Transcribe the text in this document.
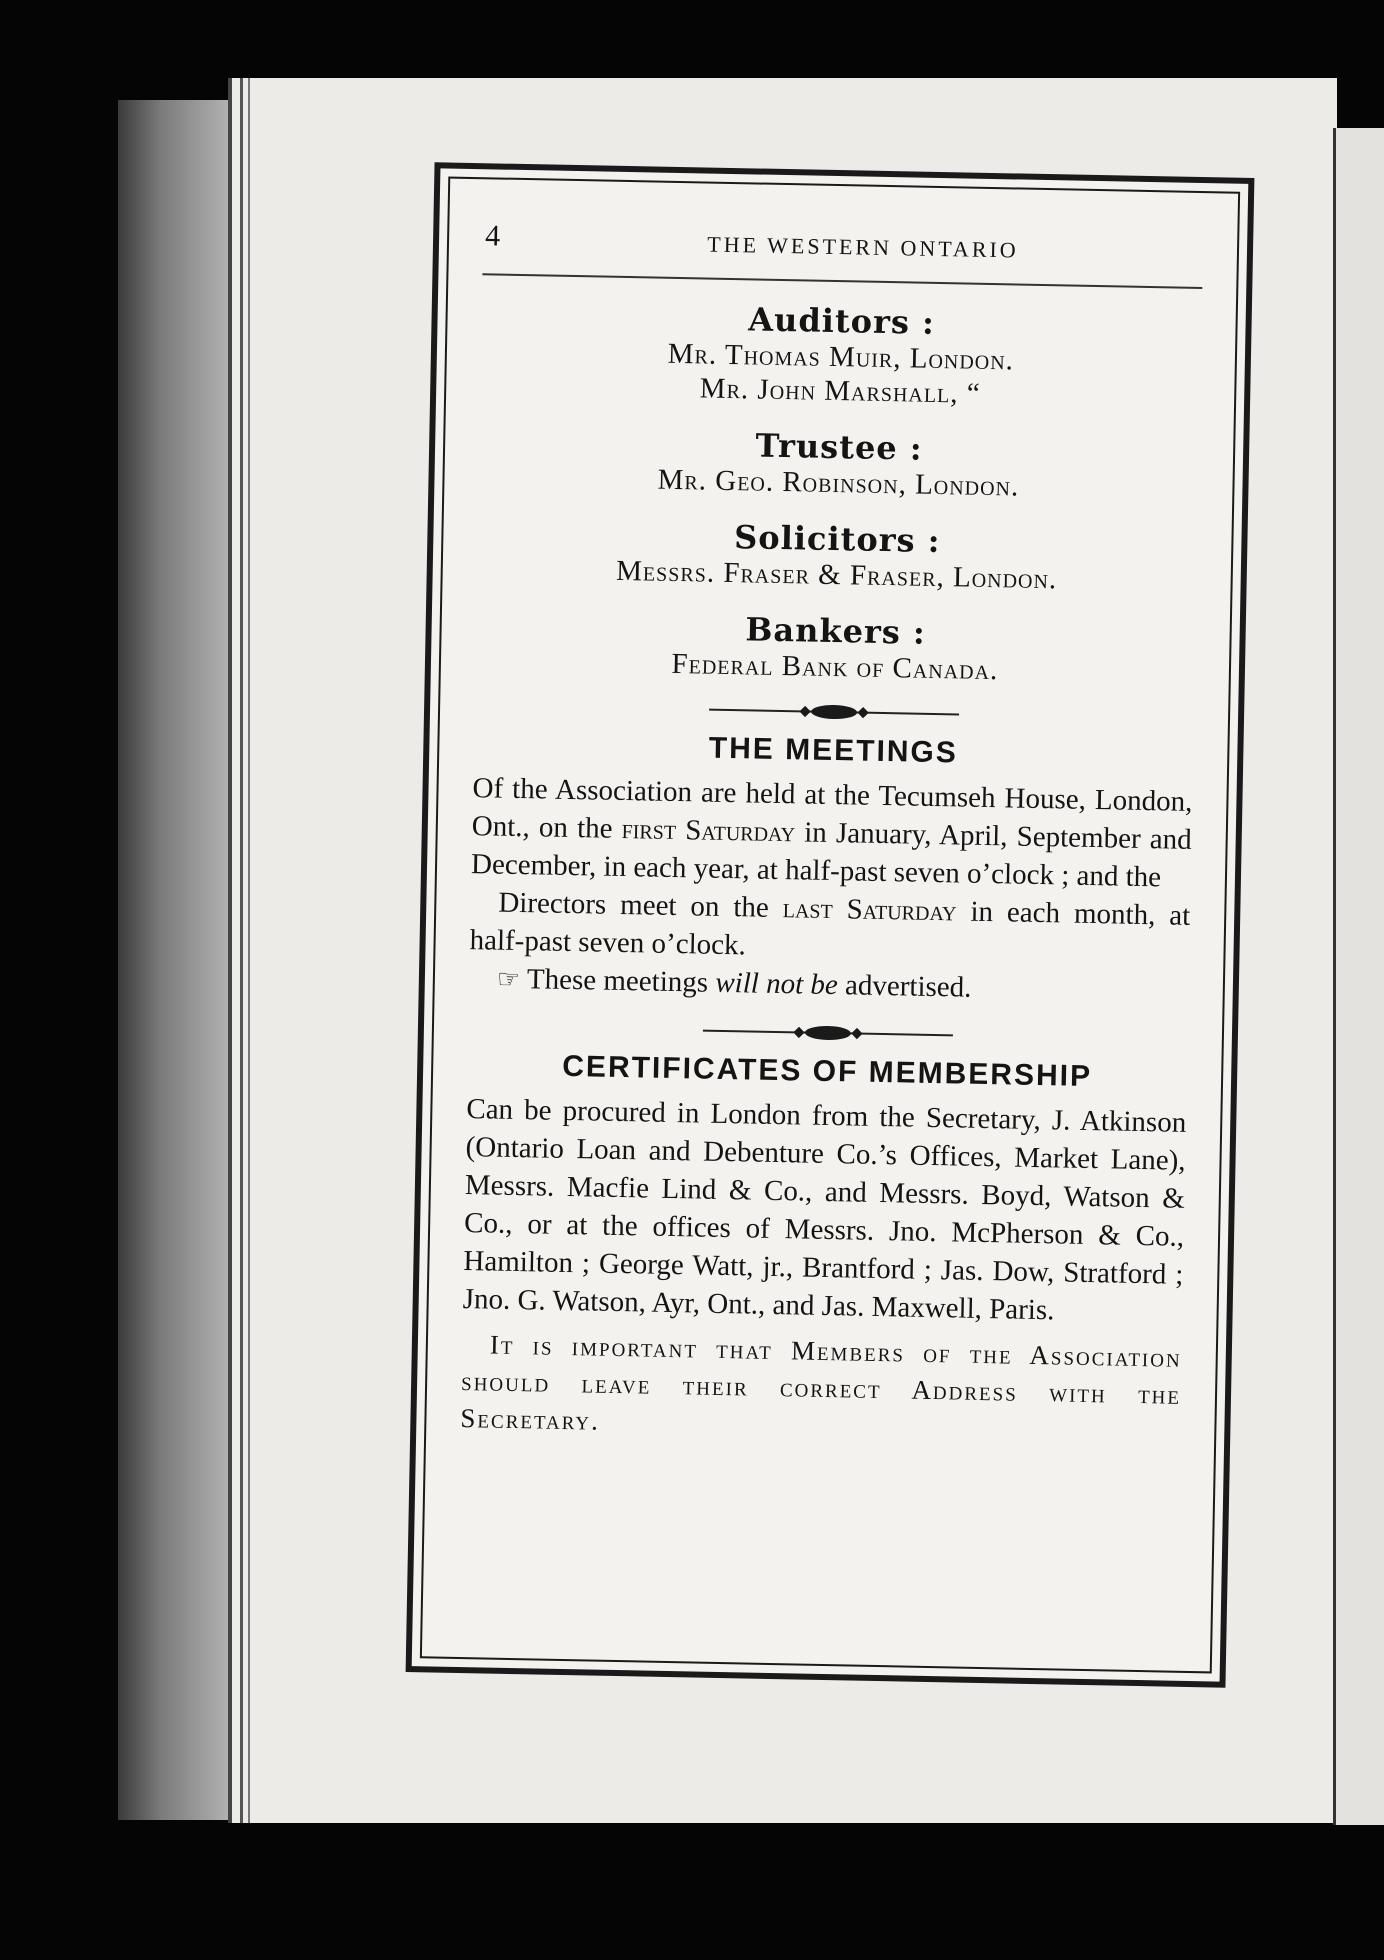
4	THE WESTERN ONTARIO
Auditors :
Mr. Thomas Muir, London.
Mr. John Marshall, “
Trustee :
Mr. Geo. Robinson, London.
Solicitors :
Messrs. Fraser & Fraser, London.
Bankers :
Federal Bank of Canada.
THE MEETINGS
Of the Association are held at the Tecumseh House, London, Ont., on the first Saturday in January, April, September and December, in each year, at half-past seven o’clock ; and the
Directors meet on the last Saturday in each month, at half-past seven o’clock.
☞ These meetings will not be advertised.
CERTIFICATES OF MEMBERSHIP
Can be procured in London from the Secretary, J. Atkinson (Ontario Loan and Debenture Co.’s Offices, Market Lane), Messrs. Macfie Lind & Co., and Messrs. Boyd, Watson & Co., or at the offices of Messrs. Jno. McPherson & Co., Hamilton ; George Watt, jr., Brantford ; Jas. Dow, Stratford ; Jno. G. Watson, Ayr, Ont., and Jas. Maxwell, Paris.
It is important that Members of the Association should leave their correct Address with the Secretary.
